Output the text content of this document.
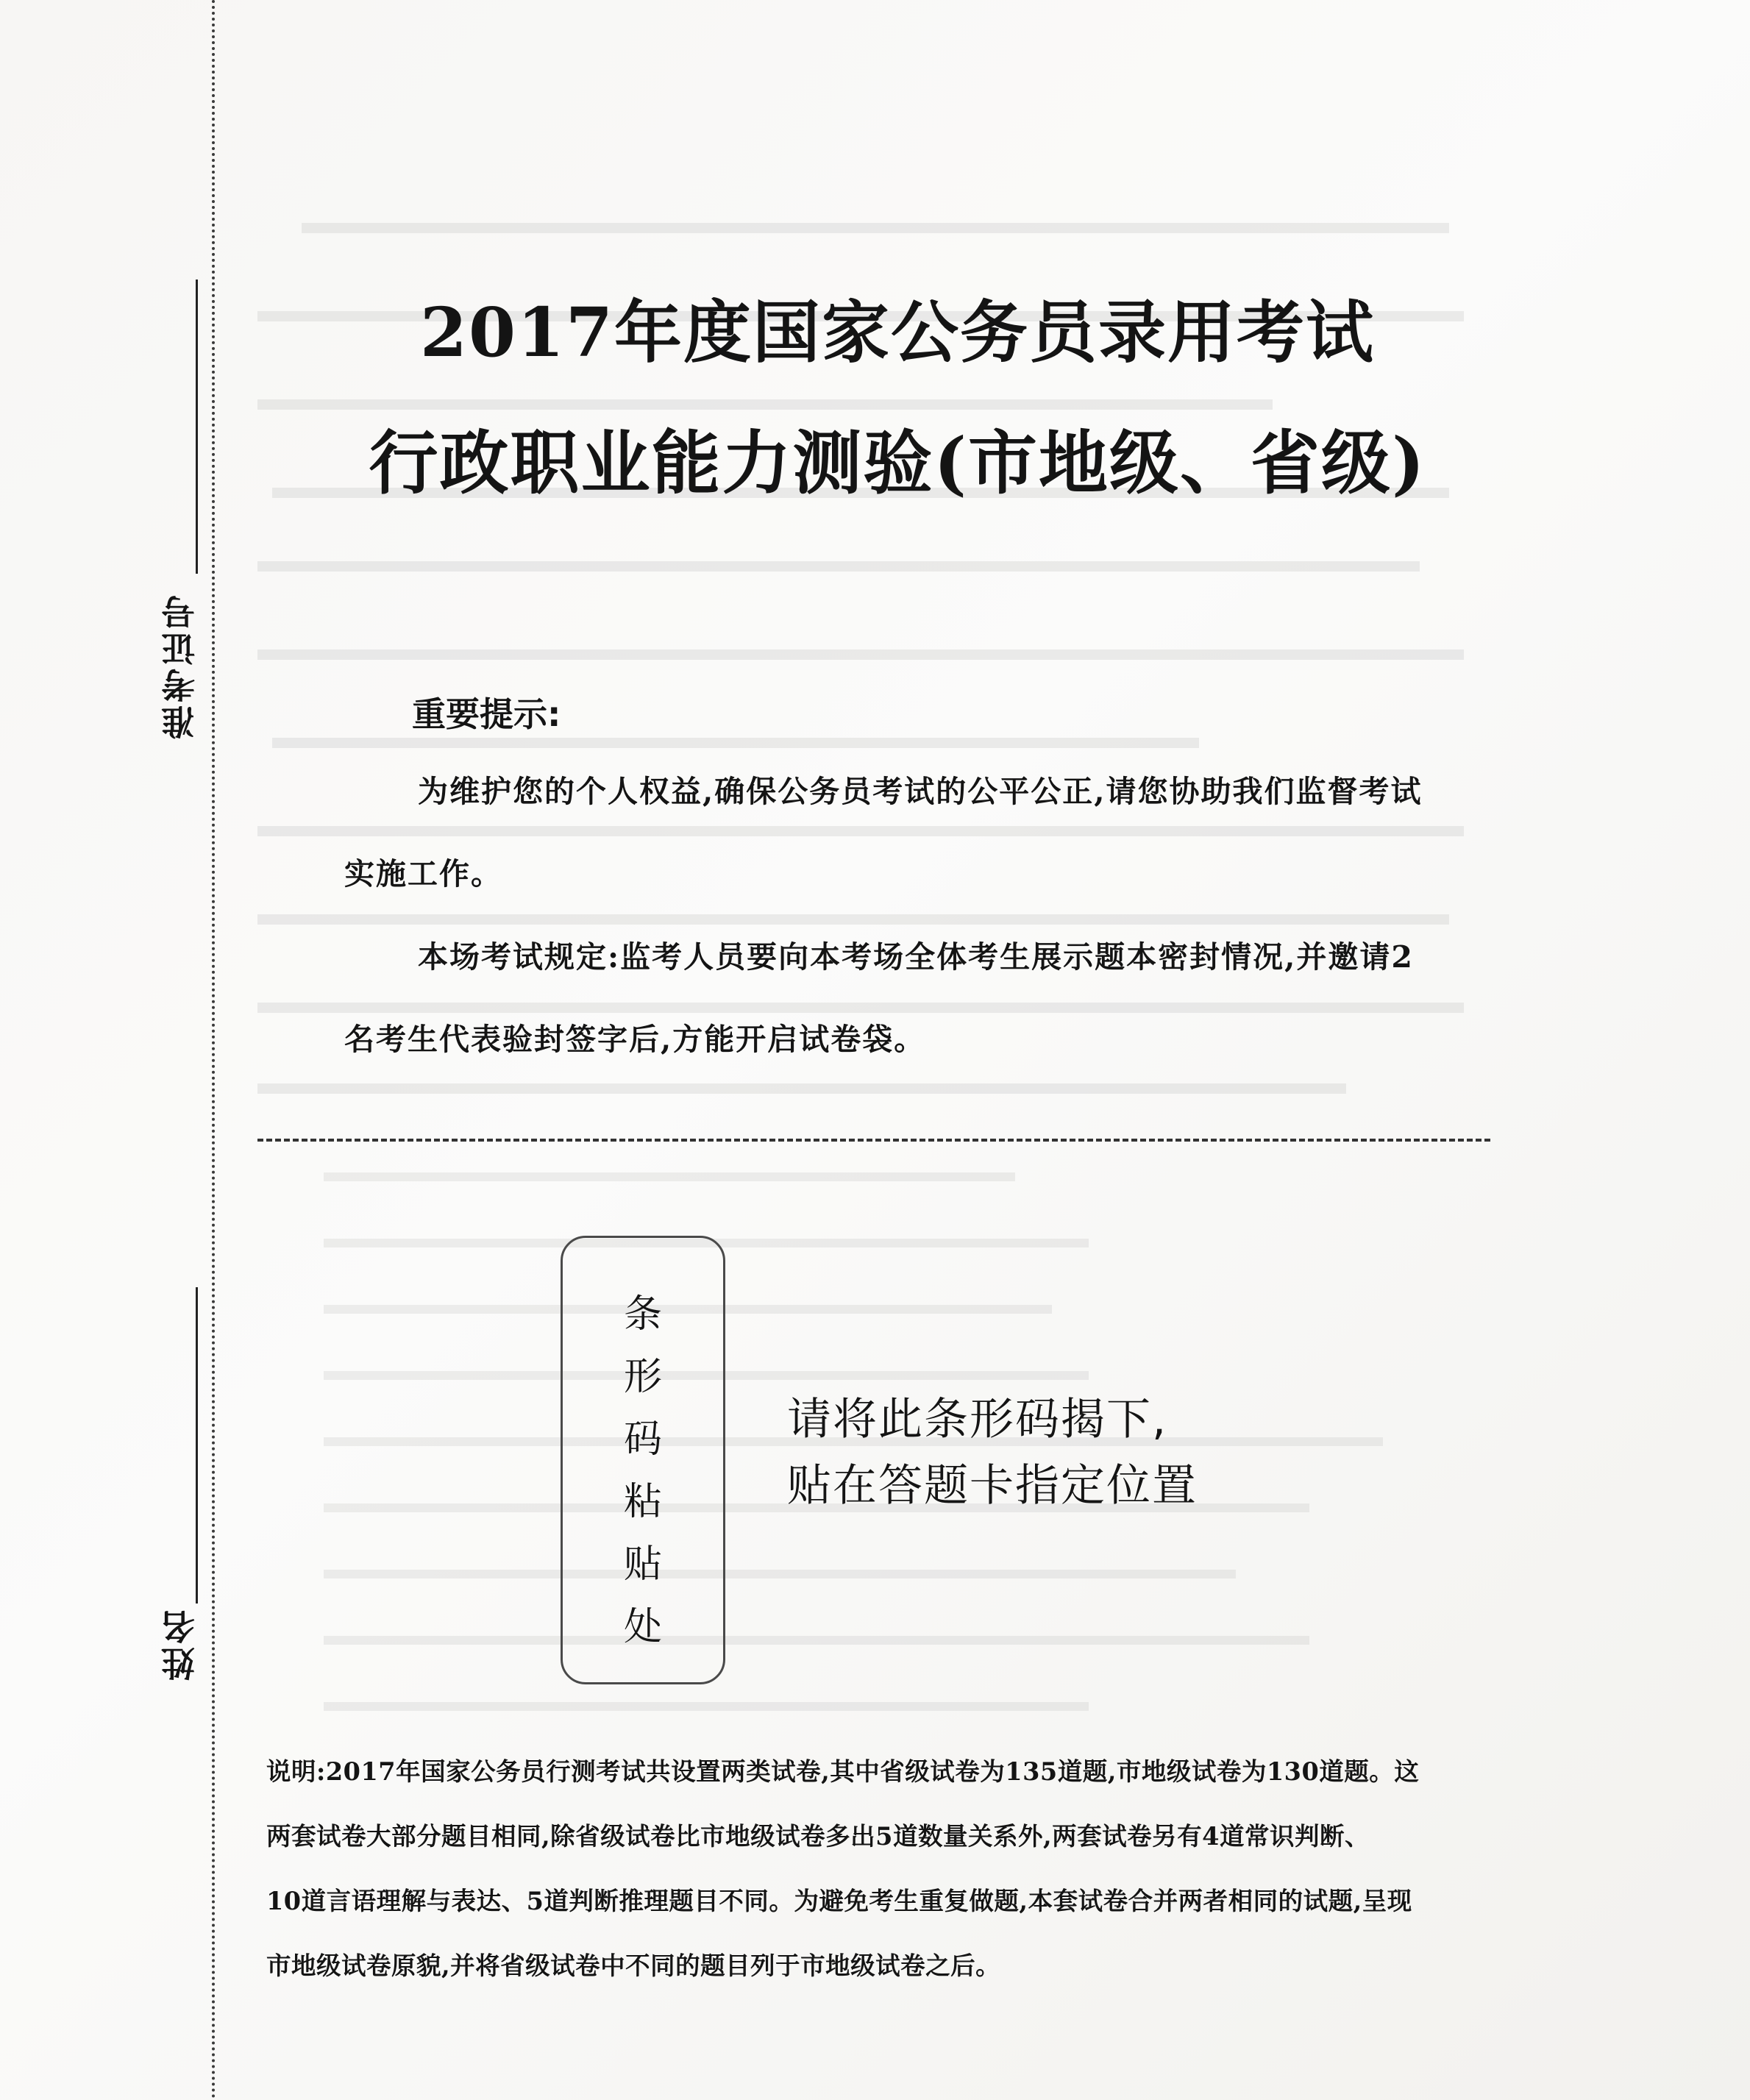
准考证号
姓名
2017年度国家公务员录用考试
行政职业能力测验(市地级、省级)
重要提示:
为维护您的个人权益,确保公务员考试的公平公正,请您协助我们监督考试实施工作。
本场考试规定:监考人员要向本考场全体考生展示题本密封情况,并邀请2名考生代表验封签字后,方能开启试卷袋。
条
形
码
粘
贴
处
请将此条形码揭下,
贴在答题卡指定位置
说明:2017年国家公务员行测考试共设置两类试卷,其中省级试卷为135道题,市地级试卷为130道题。这
两套试卷大部分题目相同,除省级试卷比市地级试卷多出5道数量关系外,两套试卷另有4道常识判断、
10道言语理解与表达、5道判断推理题目不同。为避免考生重复做题,本套试卷合并两者相同的试题,呈现
市地级试卷原貌,并将省级试卷中不同的题目列于市地级试卷之后。
